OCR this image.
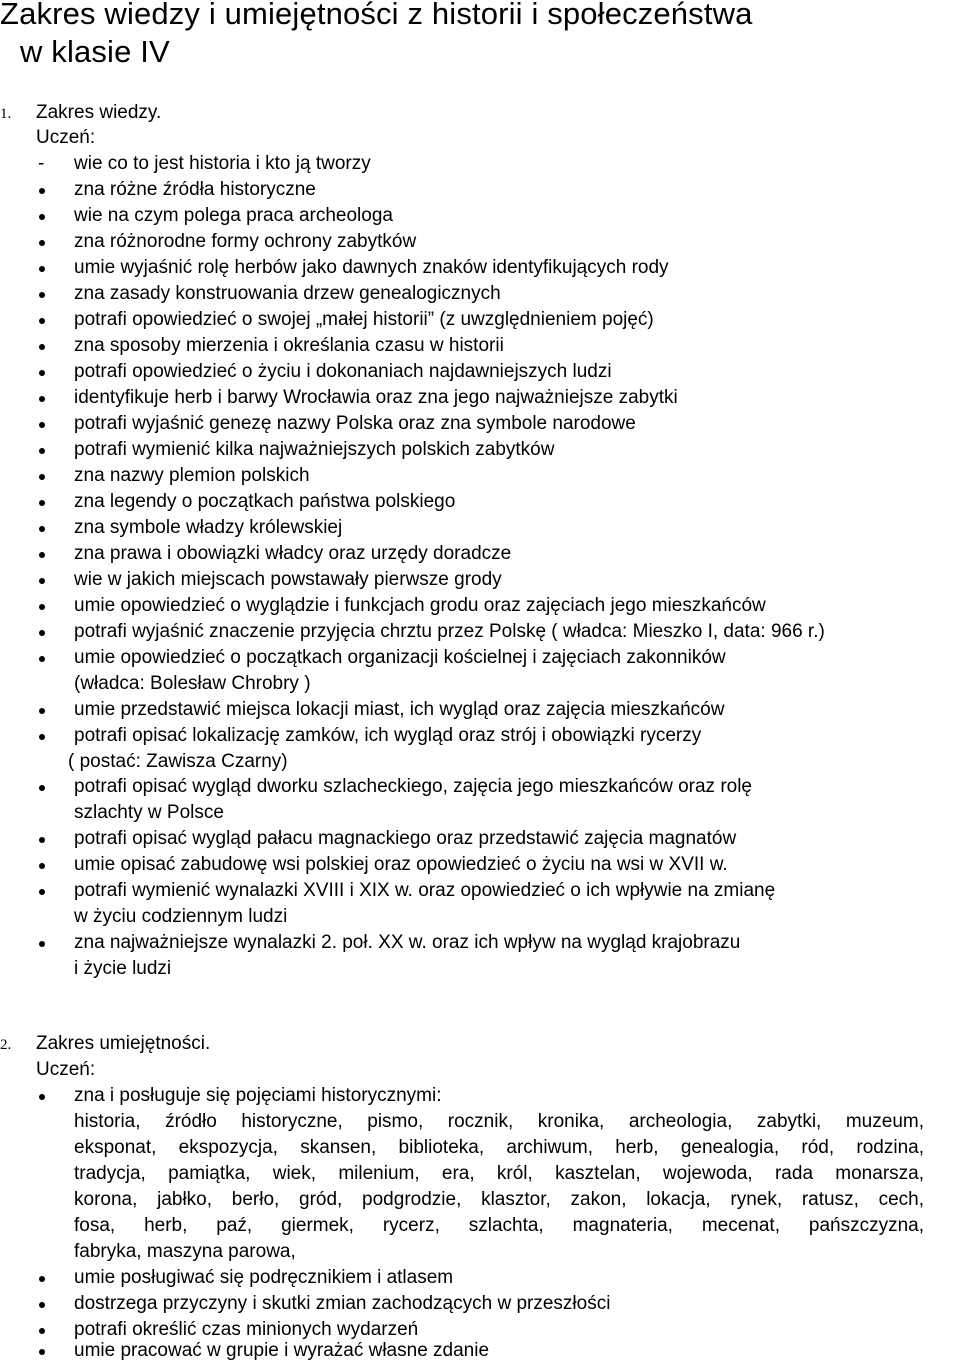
Zakres wiedzy i umiejętności z historii i społeczeństwa
w klasie IV
1. Zakres wiedzy.
Uczeń:
- wie co to jest historia i kto ją tworzy
zna różne źródła historyczne
wie na czym polega praca archeologa
zna różnorodne formy ochrony zabytków
umie wyjaśnić rolę herbów jako dawnych znaków identyfikujących rody
zna zasady konstruowania drzew genealogicznych
potrafi opowiedzieć o swojej „małej historii” (z uwzględnieniem pojęć)
zna sposoby mierzenia i określania czasu w historii
potrafi opowiedzieć o życiu i dokonaniach najdawniejszych ludzi
identyfikuje herb i barwy Wrocławia oraz zna jego najważniejsze zabytki
potrafi wyjaśnić genezę nazwy Polska oraz zna symbole narodowe
potrafi wymienić kilka najważniejszych polskich zabytków
zna nazwy plemion polskich
zna legendy o początkach państwa polskiego
zna symbole władzy królewskiej
zna prawa i obowiązki władcy oraz urzędy doradcze
wie w jakich miejscach powstawały pierwsze grody
umie opowiedzieć o wyglądzie i funkcjach grodu oraz zajęciach jego mieszkańców
potrafi wyjaśnić znaczenie przyjęcia chrztu przez Polskę ( władca: Mieszko I, data: 966 r.)
umie opowiedzieć o początkach organizacji kościelnej i zajęciach zakonników
(władca: Bolesław Chrobry )
umie przedstawić miejsca lokacji miast, ich wygląd oraz zajęcia mieszkańców
potrafi opisać lokalizację zamków, ich wygląd oraz strój i obowiązki rycerzy
( postać: Zawisza Czarny)
potrafi opisać wygląd dworku szlacheckiego, zajęcia jego mieszkańców oraz rolę
szlachty w Polsce
potrafi opisać wygląd pałacu magnackiego oraz przedstawić zajęcia magnatów
umie opisać zabudowę wsi polskiej oraz opowiedzieć o życiu na wsi w XVII w.
potrafi wymienić wynalazki XVIII i XIX w. oraz opowiedzieć o ich wpływie na zmianę
w życiu codziennym ludzi
zna najważniejsze wynalazki 2. poł. XX w. oraz ich wpływ na wygląd krajobrazu
i życie ludzi
2. Zakres umiejętności.
Uczeń:
zna i posługuje się pojęciami historycznymi:
historia, źródło historyczne, pismo, rocznik, kronika, archeologia, zabytki, muzeum,
eksponat, ekspozycja, skansen, biblioteka, archiwum, herb, genealogia, ród, rodzina,
tradycja, pamiątka, wiek, milenium, era, król, kasztelan, wojewoda, rada monarsza,
korona, jabłko, berło, gród, podgrodzie, klasztor, zakon, lokacja, rynek, ratusz, cech,
fosa, herb, paź, giermek, rycerz, szlachta, magnateria, mecenat, pańszczyzna,
fabryka, maszyna parowa,
umie posługiwać się podręcznikiem i atlasem
dostrzega przyczyny i skutki zmian zachodzących w przeszłości
potrafi określić czas minionych wydarzeń
umie pracować w grupie i wyrażać własne zdanie
